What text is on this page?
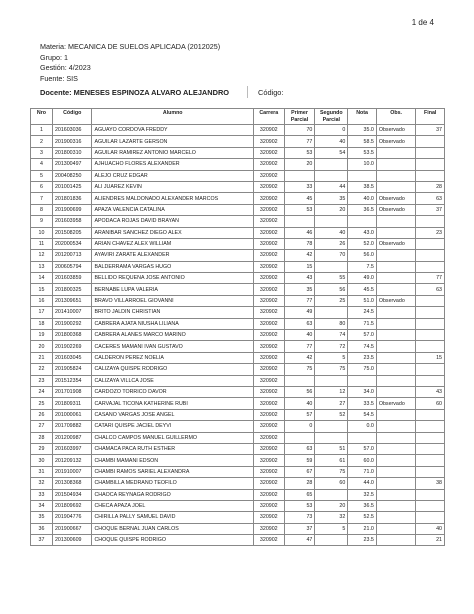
1 de 4
Materia: MECANICA DE SUELOS APLICADA (2012025)
Grupo: 1
Gestión: 4/2023
Fuente: SIS
Docente: MENESES ESPINOZA ALVARO ALEJANDRO	Código:
Nro	Código	Alumno	Carrera	Primer Parcial	Segundo Parcial	Nota	Obs.	Final
1	201603036	AGUAYO CORDOVA FREDDY	320902	70	0	35.0	Observado	37
2	201900316	AGUILAR LAZARTE GERSON	320902	77	40	58.5	Observado	
3	201800310	AGUILAR RAMIREZ ANTONIO MARCELO	320902	53	54	53.5		
4	201300497	AJHUACHO FLORES ALEXANDER	320902	20		10.0		
5	200408250	ALEJO CRUZ EDGAR	320902					
6	201001425	ALI JUAREZ KEVIN	320902	33	44	38.5		28
7	201801836	ALIENDRES MALDONADO ALEXANDER MARCOS	320902	45	35	40.0	Observado	63
8	201900699	APAZA VALENCIA CATALINA	320902	53	20	36.5	Observado	37
9	201603958	APODACA ROJAS DAVID BRAYAN	320902					
10	201508205	ARANIBAR SANCHEZ DIEGO ALEX	320902	46	40	43.0		23
11	202000534	ARIAN CHAVEZ ALEX WILLIAM	320902	78	26	52.0	Observado	
12	201200713	AYAVIRI ZARATE ALEXANDER	320902	42	70	56.0		
13	200605794	BALDERRAMA VARGAS HUGO	320902	15		7.5		
14	201603859	BELLIDO REQUENA JOSE ANTONIO	320902	43	55	49.0		77
15	201800325	BERNABE LUPA VALERIA	320902	35	56	45.5		63
16	201309651	BRAVO VILLARROEL GIOVANNI	320902	77	25	51.0	Observado	
17	201410007	BRITO JALDIN CHRISTIAN	320902	49		24.5		
18	201900292	CABRERA AJATA NIUSHA LILIANA	320902	63	80	71.5		
19	201800368	CABRERA ALANES MARCO MARINO	320902	40	74	57.0		
20	201902269	CACERES MAMANI IVAN GUSTAVO	320902	77	72	74.5		
21	201603045	CALDERON PEREZ NOELIA	320902	42	5	23.5		15
22	201905824	CALIZAYA QUISPE RODRIGO	320902	75	75	75.0		
23	201512354	CALIZAYA VILLCA JOSE	320902					
24	201701908	CARDOZO TORRICO DAVOR	320902	56	12	34.0		43
25	201809311	CARVAJAL TICONA KATHERINE RUBI	320902	40	27	33.5	Observado	60
26	201000061	CASANO VARGAS JOSE ANGEL	320902	57	52	54.5		
27	201709882	CATARI QUISPE JACIEL DEYVI	320902	0		0.0		
28	201200987	CHALCO CAMPOS MANUEL GUILLERMO	320902					
29	201603997	CHAMACA PACA RUTH ESTHER	320902	63	51	57.0		
30	201209132	CHAMBI MAMANI EDSON	320902	59	61	60.0		
31	201910007	CHAMBI RAMOS SARIEL ALEXANDRA	320902	67	75	71.0		
32	201308368	CHAMBILLA MEDRANO TEOFILO	320902	28	60	44.0		38
33	201504934	CHAOCA REYNAGA RODRIGO	320902	65		32.5		
34	201809692	CHECA APAZA JOEL	320902	53	20	36.5		
35	201904776	CHIRILLA PALLY SAMUEL DAVID	320902	73	32	52.5		
36	201900667	CHOQUE BERNAL JUAN CARLOS	320902	37	5	21.0		40
37	201300609	CHOQUE QUISPE RODRIGO	320902	47		23.5		21
